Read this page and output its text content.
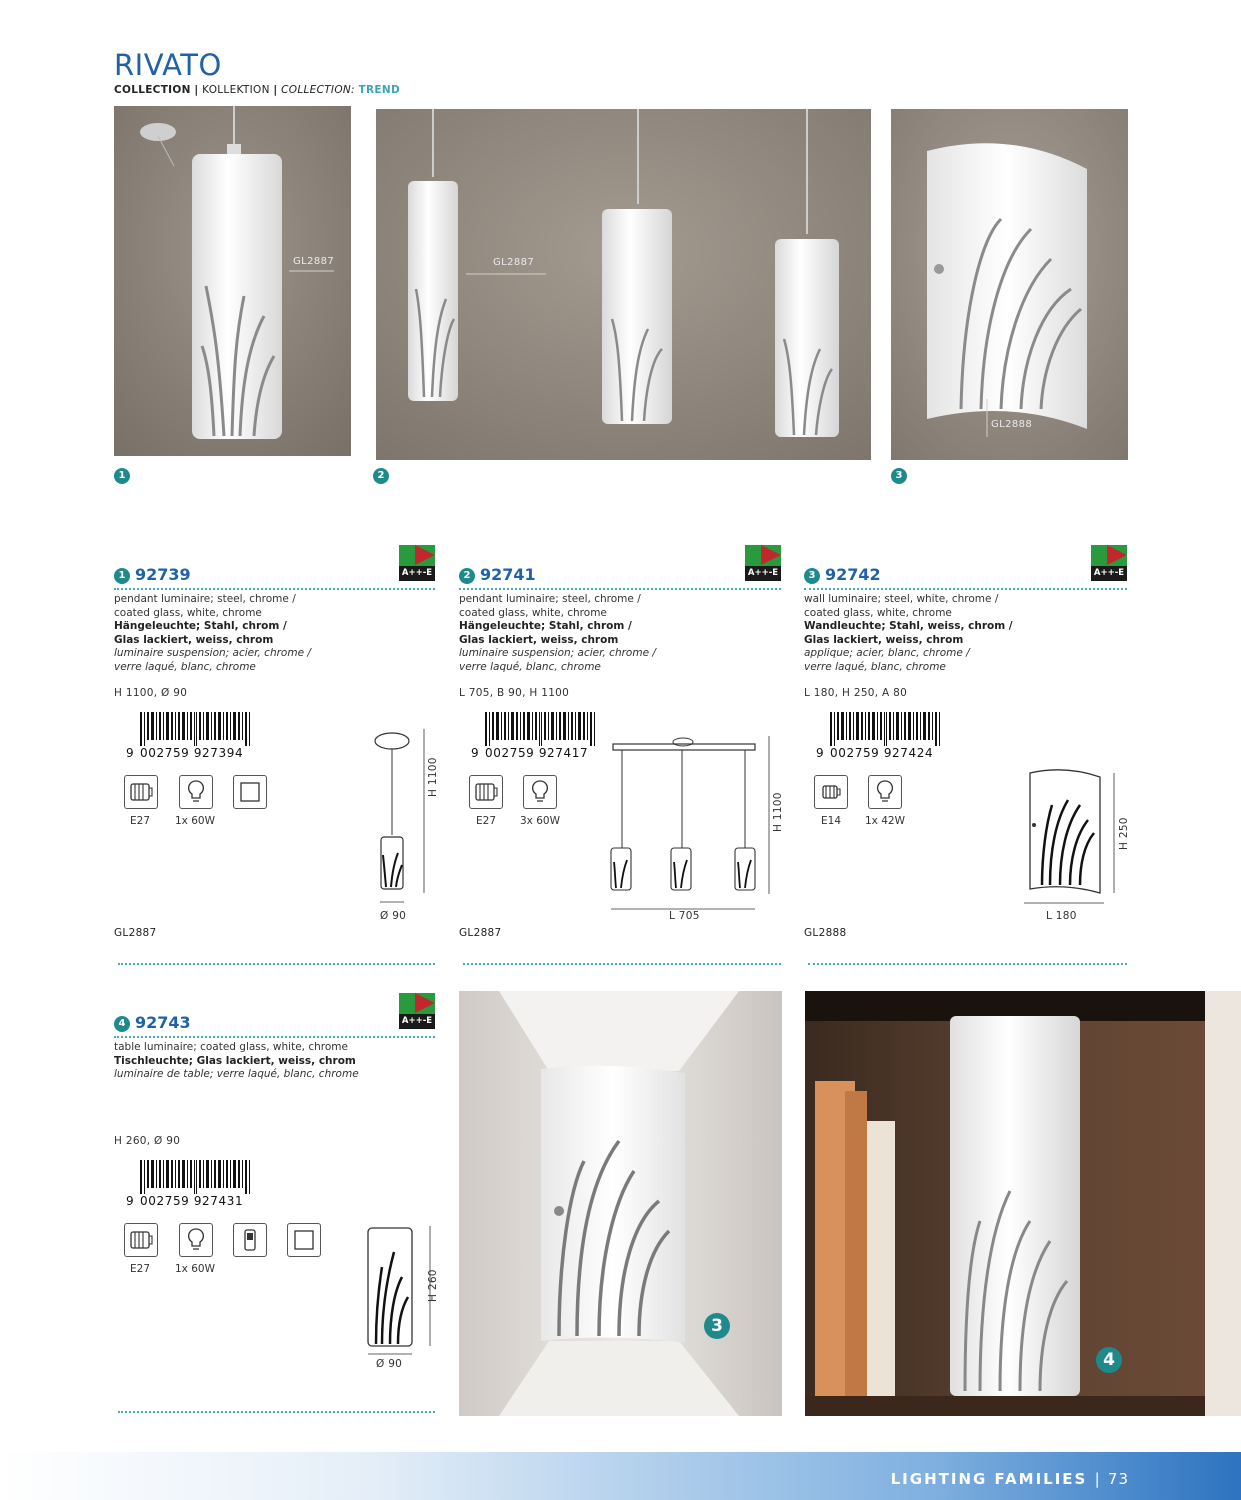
RIVATO
COLLECTION | KOLLEKTION | COLLECTION: TREND
GL2887	GL2887
GL2888
1	2	3
1 92739	A++-E
pendant luminaire; steel, chrome /
coated glass, white, chrome
Hängeleuchte; Stahl, chrom /
Glas lackiert, weiss, chrom
luminaire suspension; acier, chrome /
verre laqué, blanc, chrome
H 1100, Ø 90
9 002759 927394
E27	1x 60W
H 1100
Ø 90
GL2887
2 92741	A++-E
pendant luminaire; steel, chrome /
coated glass, white, chrome
Hängeleuchte; Stahl, chrom /
Glas lackiert, weiss, chrom
luminaire suspension; acier, chrome /
verre laqué, blanc, chrome
L 705, B 90, H 1100
9 002759 927417
E27	3x 60W	H 1100
L 705
GL2887
3 92742	A++-E
wall luminaire; steel, white, chrome /
coated glass, white, chrome
Wandleuchte; Stahl, weiss, chrom /
Glas lackiert, weiss, chrom
applique; acier, blanc, chrome /
verre laqué, blanc, chrome
L 180, H 250, A 80
9 002759 927424
E14	1x 42W	H 250
L 180
GL2888
4 92743	A++-E
table luminaire; coated glass, white, chrome
Tischleuchte; Glas lackiert, weiss, chrom
luminaire de table; verre laqué, blanc, chrome
H 260, Ø 90
9 002759 927431
E27	1x 60W
H 260
Ø 90
3
4
LIGHTING FAMILIES | 73
